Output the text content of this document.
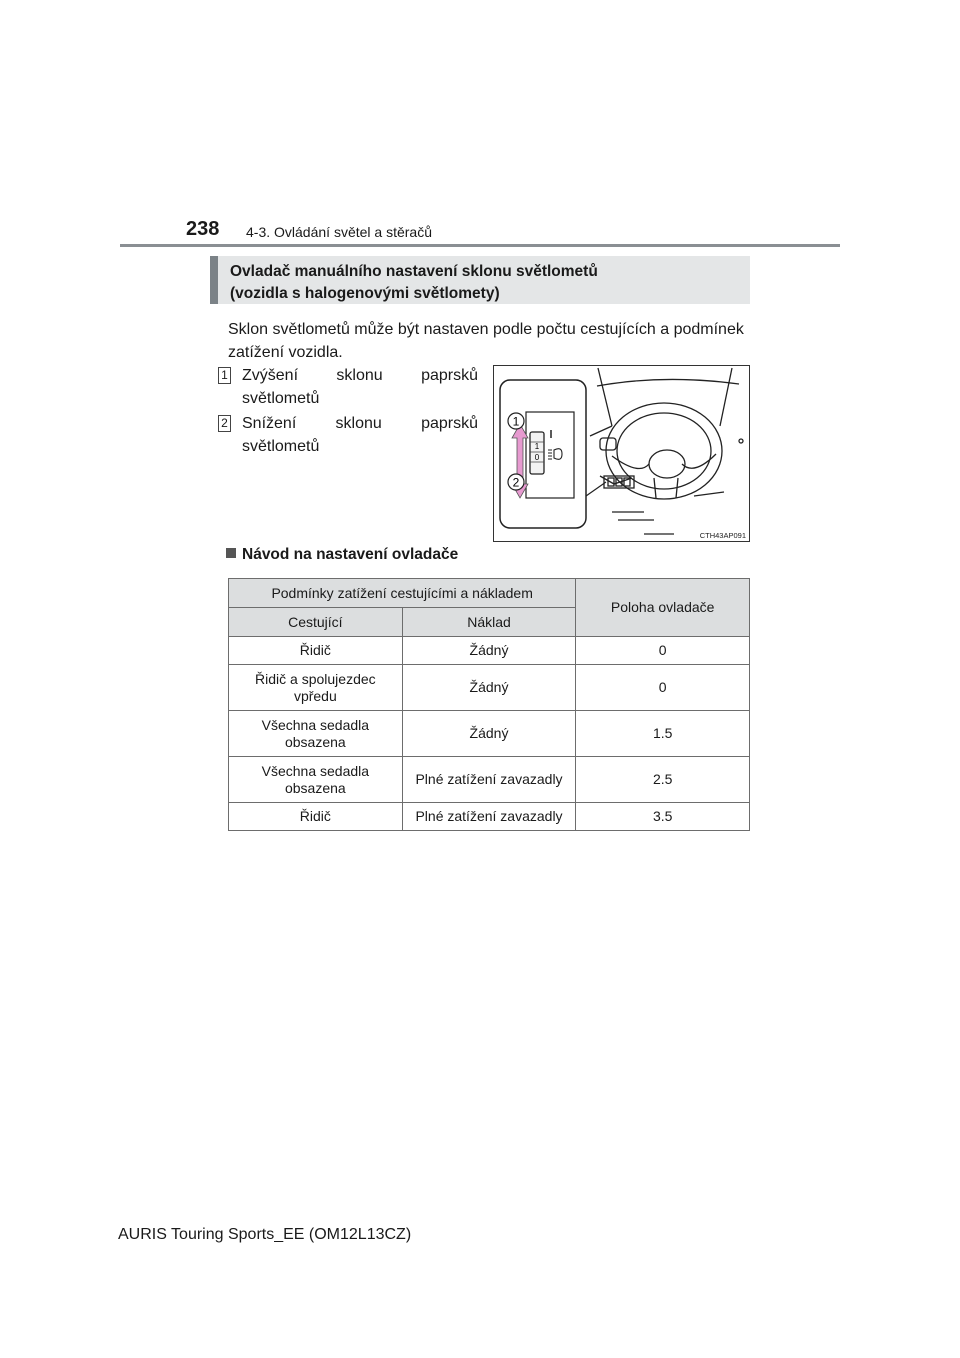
238 4-3. Ovládání světel a stěračů
Ovladač manuálního nastavení sklonu světlometů
(vozidla s halogenovými světlomety)
Sklon světlometů může být nastaven podle počtu cestujících a podmínek zatížení vozidla.
1 Zvýšení sklonu paprsků světlometů
2 Snížení sklonu paprsků světlometů	1
0
1
2
CTH43AP091
Návod na nastavení ovladače
Podmínky zatížení cestujícími a nákladem		Poloha ovladače
Cestující	Náklad	
Řidič	Žádný	0
Řidič a spolujezdec vpředu	Žádný	0
Všechna sedadla obsazena	Žádný	1.5
Všechna sedadla obsazena	Plné zatížení zavazadly	2.5
Řidič	Plné zatížení zavazadly	3.5
AURIS Touring Sports_EE (OM12L13CZ)
